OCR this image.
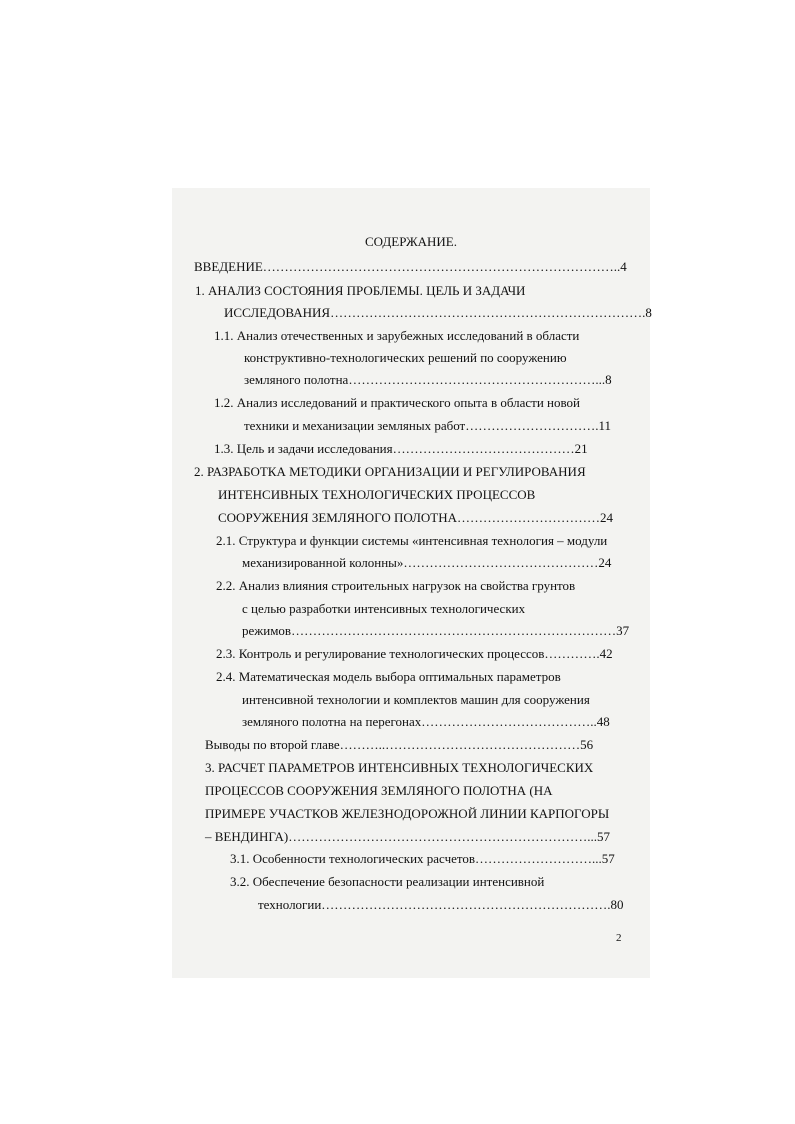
СОДЕРЖАНИЕ.
ВВЕДЕНИЕ………………………………………………………………………..4
1. АНАЛИЗ СОСТОЯНИЯ ПРОБЛЕМЫ. ЦЕЛЬ И ЗАДАЧИ
ИССЛЕДОВАНИЯ……………………………………………………………….8
1.1. Анализ отечественных и зарубежных исследований в области
конструктивно-технологических решений по сооружению
земляного полотна…………………………………………………...8
1.2. Анализ исследований и практического опыта в области новой
техники и механизации земляных работ………………………….11
1.3. Цель и задачи исследования……………………………………21
2. РАЗРАБОТКА МЕТОДИКИ ОРГАНИЗАЦИИ И РЕГУЛИРОВАНИЯ
ИНТЕНСИВНЫХ ТЕХНОЛОГИЧЕСКИХ ПРОЦЕССОВ
СООРУЖЕНИЯ ЗЕМЛЯНОГО ПОЛОТНА……………………………24
2.1. Структура и функции системы «интенсивная технология – модули
механизированной колонны»………………………………………24
2.2. Анализ влияния строительных нагрузок на свойства грунтов
с целью разработки интенсивных технологических
режимов…………………………………………………………………37
2.3. Контроль и регулирование технологических процессов………….42
2.4. Математическая модель выбора оптимальных параметров
интенсивной технологии и комплектов машин для сооружения
земляного полотна на перегонах…………………………………..48
Выводы по второй главе………..………………………………………56
3. РАСЧЕТ ПАРАМЕТРОВ ИНТЕНСИВНЫХ ТЕХНОЛОГИЧЕСКИХ
ПРОЦЕССОВ СООРУЖЕНИЯ ЗЕМЛЯНОГО ПОЛОТНА (НА
ПРИМЕРЕ УЧАСТКОВ ЖЕЛЕЗНОДОРОЖНОЙ ЛИНИИ КАРПОГОРЫ
– ВЕНДИНГА)……………………………………………………………...57
3.1. Особенности технологических расчетов………………………...57
3.2. Обеспечение безопасности реализации интенсивной
технологии………………………………………………………….80
2
